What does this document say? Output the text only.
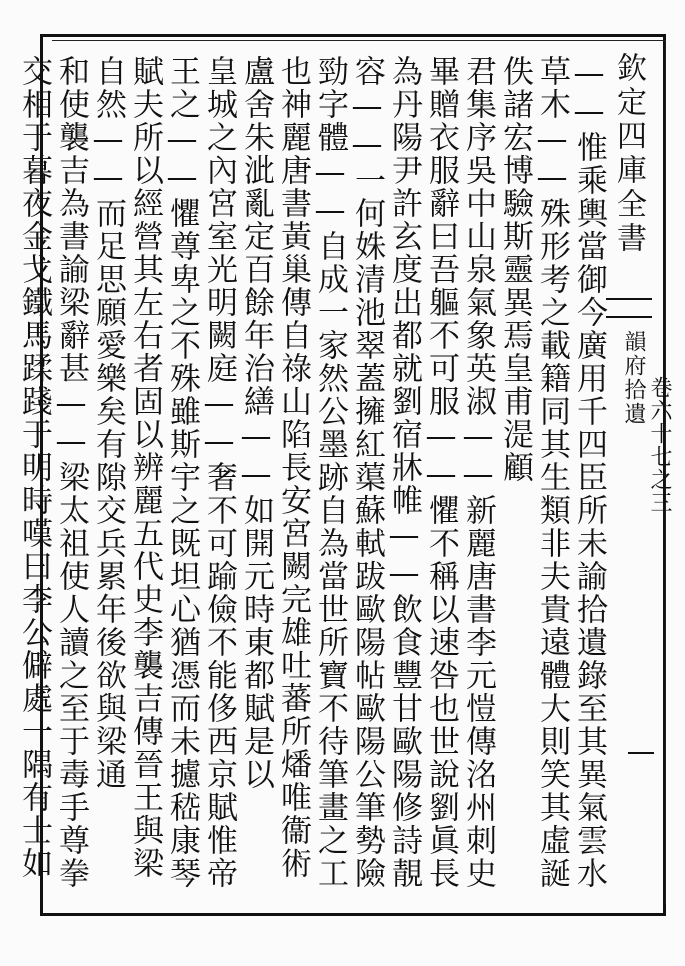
欽定四庫全書
韻府拾遺 卷六十七之三
——惟乘輿當御今廣用千四臣所未諭拾遺錄至其異氣雲水
草木——殊形考之載籍同其生類非夫貴遠體大則笑其虛誕
佚諸宏博驗斯靈異焉皇甫湜顧
君集序吳中山泉氣象英淑——新麗唐書李元愷傳洺州刺史
畢贈衣服辭曰吾軀不可服——懼不稱以速咎也世說劉眞長
為丹陽尹許玄度出都就劉宿牀帷——飲食豐甘歐陽修詩靚
容——一何姝清池翠蓋擁紅蕖蘇軾跋歐陽帖歐陽公筆勢險
勁字體——自成一家然公墨跡自為當世所寶不待筆畫之工
也神麗唐書黃巢傳自祿山陷長安宮闕完雄吐蕃所燔唯衞術
盧舍朱泚亂定百餘年治繕——如開元時東都賦是以
皇城之內宮室光明闕庭——奢不可踰儉不能侈西京賦惟帝
王之——懼尊卑之不殊雖斯宇之既坦心猶憑而未攄嵇康琴
賦夫所以經營其左右者固以辨麗五代史李襲吉傳晉王與梁
自然——而足思願愛樂矣有隙交兵累年後欲與梁通
和使襲吉為書諭梁辭甚——梁太祖使人讀之至于毒手尊拳
交相于暮夜金戈鐵馬蹂踐于明時嘆曰李公僻處一隅有士如
